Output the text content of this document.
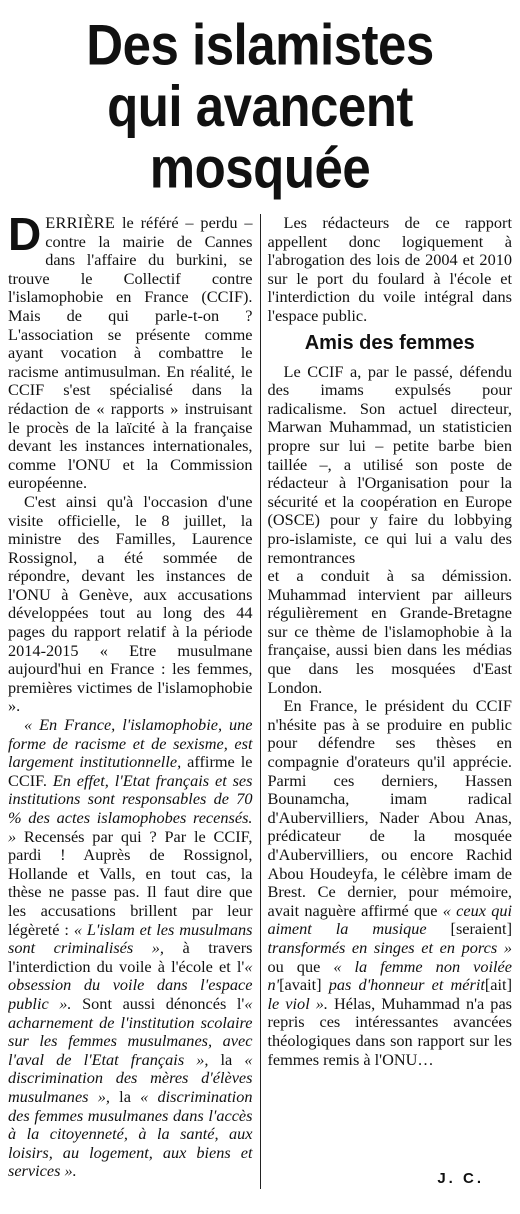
Des islamistes
qui avancent
mosquée

DERRIÈRE le référé – perdu – contre la mairie de Cannes dans l'affaire du burkini, se trouve le Collectif contre l'islamophobie en France (CCIF). Mais de qui parle-t-on ? L'association se présente comme ayant vocation à combattre le racisme antimusulman. En réalité, le CCIF s'est spécialisé dans la rédaction de « rapports » instruisant le procès de la laïcité à la française devant les instances internationales, comme l'ONU et la Commission européenne.

C'est ainsi qu'à l'occasion d'une visite officielle, le 8 juillet, la ministre des Familles, Laurence Rossignol, a été sommée de répondre, devant les instances de l'ONU à Genève, aux accusations développées tout au long des 44 pages du rapport relatif à la période 2014-2015 « Etre musulmane aujourd'hui en France : les femmes, premières victimes de l'islamophobie ».

« En France, l'islamophobie, une forme de racisme et de sexisme, est largement institutionnelle, affirme le CCIF. En effet, l'Etat français et ses institutions sont responsables de 70 % des actes islamophobes recensés. » Recensés par qui ? Par le CCIF, pardi ! Auprès de Rossignol, Hollande et Valls, en tout cas, la thèse ne passe pas. Il faut dire que les accusations brillent par leur légèreté : « L'islam et les musulmans sont criminalisés », à travers l'interdiction du voile à l'école et l'« obsession du voile dans l'espace public ». Sont aussi dénoncés l'« acharnement de l'institution scolaire sur les femmes musulmanes, avec l'aval de l'Etat français », la « discrimination des mères d'élèves musulmanes », la « discrimination des femmes musulmanes dans l'accès à la citoyenneté, à la santé, aux loisirs, au logement, aux biens et services ».

Les rédacteurs de ce rapport appellent donc logiquement à l'abrogation des lois de 2004 et 2010 sur le port du foulard à l'école et l'interdiction du voile intégral dans l'espace public.

Amis des femmes

Le CCIF a, par le passé, défendu des imams expulsés pour radicalisme. Son actuel directeur, Marwan Muhammad, un statisticien propre sur lui – petite barbe bien taillée –, a utilisé son poste de rédacteur à l'Organisation pour la sécurité et la coopération en Europe (OSCE) pour y faire du lobbying pro-islamiste, ce qui lui a valu des remontrances

et a conduit à sa démission. Muhammad intervient par ailleurs régulièrement en Grande-Bretagne sur ce thème de l'islamophobie à la française, aussi bien dans les médias que dans les mosquées d'East London.

En France, le président du CCIF n'hésite pas à se produire en public pour défendre ses thèses en compagnie d'orateurs qu'il apprécie. Parmi ces derniers, Hassen Bounamcha, imam radical d'Aubervilliers, Nader Abou Anas, prédicateur de la mosquée d'Aubervilliers, ou encore Rachid Abou Houdeyfa, le célèbre imam de Brest. Ce dernier, pour mémoire, avait naguère affirmé que « ceux qui aiment la musique [seraient] transformés en singes et en porcs » ou que « la femme non voilée n'[avait] pas d'honneur et mérit[ait] le viol ». Hélas, Muhammad n'a pas repris ces intéressantes avancées théologiques dans son rapport sur les femmes remis à l'ONU…

J. C.
